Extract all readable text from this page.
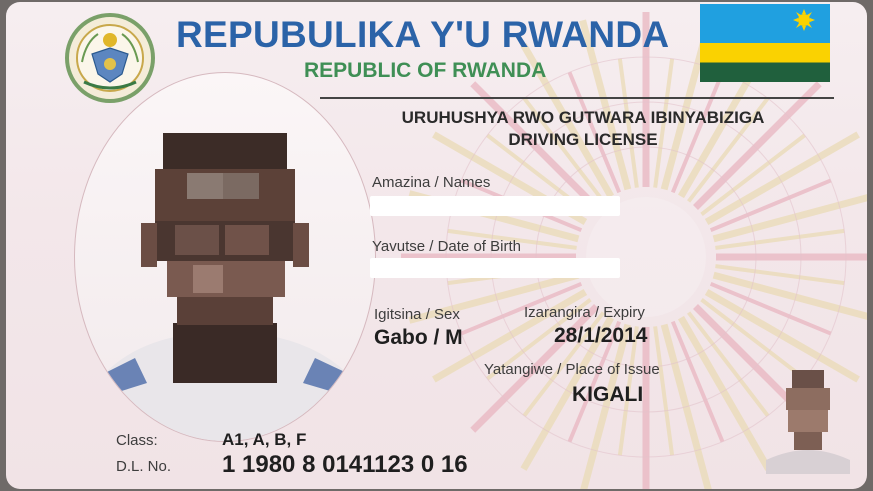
REPUBULIKA Y'U RWANDA
REPUBLIC OF RWANDA
URUHUSHYA RWO GUTWARA IBINYABIZIGA
DRIVING LICENSE
Amazina / Names
Yavutse / Date of Birth
Igitsina / Sex
Gabo / M
Izarangira / Expiry
28/1/2014
Yatangiwe / Place of Issue
KIGALI
Class:	A1, A, B, F
D.L. No. 1 1980 8 0141123 0 16
